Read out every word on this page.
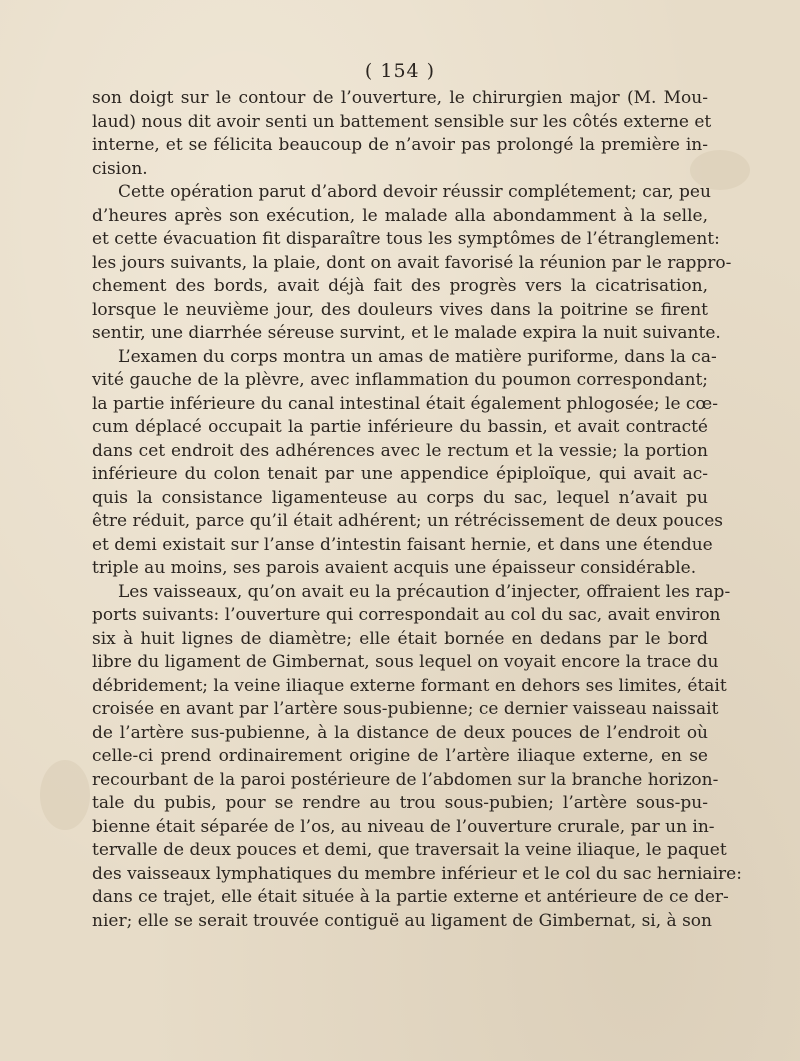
( 154 )
son doigt sur le contour de l’ouverture, le chirurgien major (M. Mou-
laud) nous dit avoir senti un battement sensible sur les côtés externe et
interne, et se félicita beaucoup de n’avoir pas prolongé la première in-
cision.
Cette opération parut d’abord devoir réussir complétement; car, peu
d’heures après son exécution, le malade alla abondamment à la selle,
et cette évacuation fit disparaître tous les symptômes de l’étranglement:
les jours suivants, la plaie, dont on avait favorisé la réunion par le rappro-
chement des bords, avait déjà fait des progrès vers la cicatrisation,
lorsque le neuvième jour, des douleurs vives dans la poitrine se firent
sentir, une diarrhée séreuse survint, et le malade expira la nuit suivante.
L’examen du corps montra un amas de matière puriforme, dans la ca-
vité gauche de la plèvre, avec inflammation du poumon correspondant;
la partie inférieure du canal intestinal était également phlogosée; le cœ-
cum déplacé occupait la partie inférieure du bassin, et avait contracté
dans cet endroit des adhérences avec le rectum et la vessie; la portion
inférieure du colon tenait par une appendice épiploïque, qui avait ac-
quis la consistance ligamenteuse au corps du sac, lequel n’avait pu
être réduit, parce qu’il était adhérent; un rétrécissement de deux pouces
et demi existait sur l’anse d’intestin faisant hernie, et dans une étendue
triple au moins, ses parois avaient acquis une épaisseur considérable.
Les vaisseaux, qu’on avait eu la précaution d’injecter, offraient les rap-
ports suivants: l’ouverture qui correspondait au col du sac, avait environ
six à huit lignes de diamètre; elle était bornée en dedans par le bord
libre du ligament de Gimbernat, sous lequel on voyait encore la trace du
débridement; la veine iliaque externe formant en dehors ses limites, était
croisée en avant par l’artère sous-pubienne; ce dernier vaisseau naissait
de l’artère sus-pubienne, à la distance de deux pouces de l’endroit où
celle-ci prend ordinairement origine de l’artère iliaque externe, en se
recourbant de la paroi postérieure de l’abdomen sur la branche horizon-
tale du pubis, pour se rendre au trou sous-pubien; l’artère sous-pu-
bienne était séparée de l’os, au niveau de l’ouverture crurale, par un in-
tervalle de deux pouces et demi, que traversait la veine iliaque, le paquet
des vaisseaux lymphatiques du membre inférieur et le col du sac herniaire:
dans ce trajet, elle était située à la partie externe et antérieure de ce der-
nier; elle se serait trouvée contiguë au ligament de Gimbernat, si, à son
